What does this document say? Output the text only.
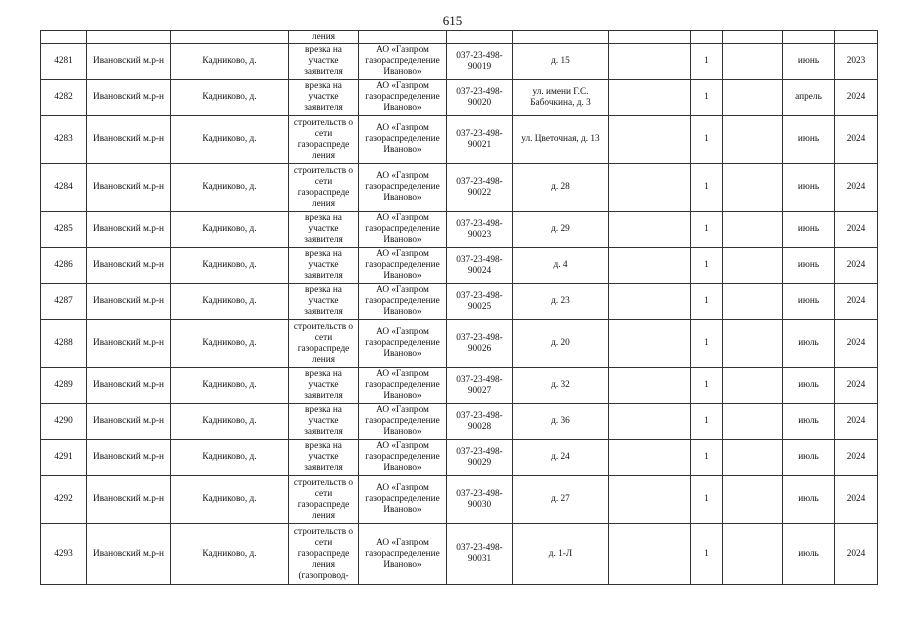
615

			ления								

4281	Ивановский м.р-н	Кадниково, д.	врезка на участке заявителя	АО «Газпром газораспределение Иваново»	037-23-498-90019	д. 15		1		июнь	2023
4282	Ивановский м.р-н	Кадниково, д.	врезка на участке заявителя	АО «Газпром газораспределение Иваново»	037-23-498-90020	ул. имени Г.С. Бабочкина, д. 3		1		апрель	2024
4283	Ивановский м.р-н	Кадниково, д.	строительств о сети газораспреде ления	АО «Газпром газораспределение Иваново»	037-23-498-90021	ул. Цветочная, д. 13		1		июнь	2024
4284	Ивановский м.р-н	Кадниково, д.	строительств о сети газораспреде ления	АО «Газпром газораспределение Иваново»	037-23-498-90022	д. 28		1		июнь	2024
4285	Ивановский м.р-н	Кадниково, д.	врезка на участке заявителя	АО «Газпром газораспределение Иваново»	037-23-498-90023	д. 29		1		июнь	2024
4286	Ивановский м.р-н	Кадниково, д.	врезка на участке заявителя	АО «Газпром газораспределение Иваново»	037-23-498-90024	д. 4		1		июнь	2024
4287	Ивановский м.р-н	Кадниково, д.	врезка на участке заявителя	АО «Газпром газораспределение Иваново»	037-23-498-90025	д. 23		1		июнь	2024
4288	Ивановский м.р-н	Кадниково, д.	строительств о сети газораспреде ления	АО «Газпром газораспределение Иваново»	037-23-498-90026	д. 20		1		июль	2024
4289	Ивановский м.р-н	Кадниково, д.	врезка на участке заявителя	АО «Газпром газораспределение Иваново»	037-23-498-90027	д. 32		1		июль	2024
4290	Ивановский м.р-н	Кадниково, д.	врезка на участке заявителя	АО «Газпром газораспределение Иваново»	037-23-498-90028	д. 36		1		июль	2024
4291	Ивановский м.р-н	Кадниково, д.	врезка на участке заявителя	АО «Газпром газораспределение Иваново»	037-23-498-90029	д. 24		1		июль	2024
4292	Ивановский м.р-н	Кадниково, д.	строительств о сети газораспреде ления	АО «Газпром газораспределение Иваново»	037-23-498-90030	д. 27		1		июль	2024
4293	Ивановский м.р-н	Кадниково, д.	строительств о сети газораспреде ления (газопровод-	АО «Газпром газораспределение Иваново»	037-23-498-90031	д. 1-Л		1		июль	2024
